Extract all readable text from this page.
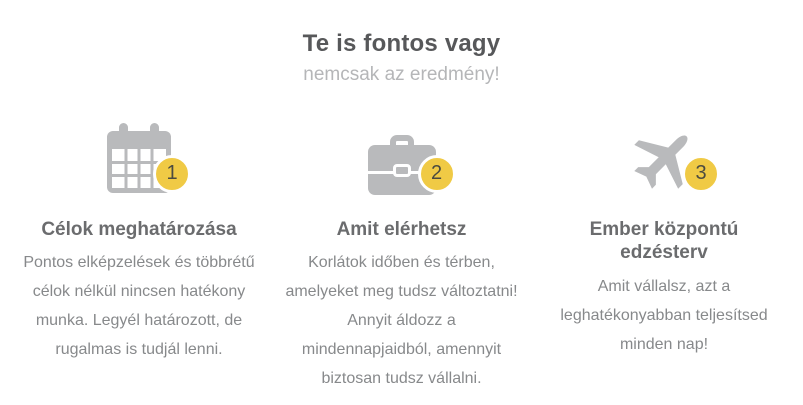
Te is fontos vagy
nemcsak az eredmény!
1
Célok meghatározása

Pontos elképzelések és többrétű célok nélkül nincsen hatékony munka. Legyél határozott, de rugalmas is tudjál lenni.

2
Amit elérhetsz

Korlátok időben és térben, amelyeket meg tudsz változtatni! Annyit áldozz a mindennapjaidból, amennyit biztosan tudsz vállalni.

3
Ember központú edzésterv

Amit vállalsz, azt a leghatékonyabban teljesítsed minden nap!
